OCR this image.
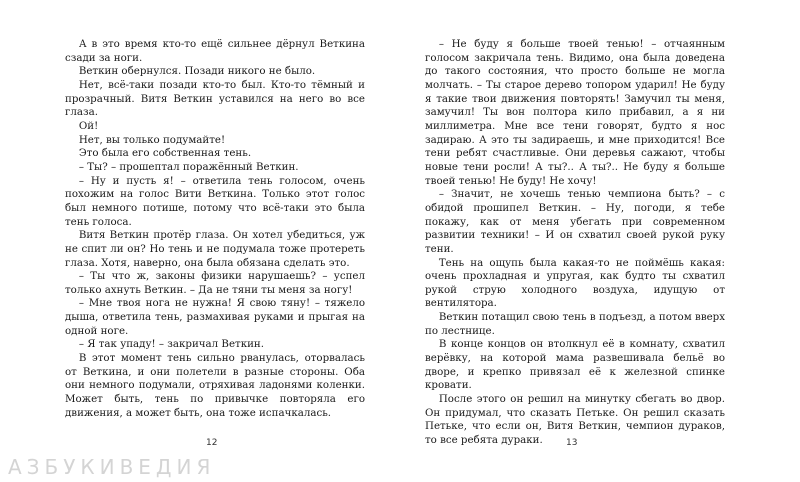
А в это время кто-то ещё сильнее дёрнул Веткина сзади за ноги.

Веткин обернулся. Позади никого не было.

Нет, всё-таки позади кто-то был. Кто-то тёмный и прозрачный. Витя Веткин уставился на него во все глаза.

Ой!

Нет, вы только подумайте!

Это была его собственная тень.

– Ты? – прошептал поражённый Веткин.

– Ну и пусть я! – ответила тень голосом, очень похожим на голос Вити Веткина. Только этот голос был немного потише, потому что всё-таки это была тень голоса.

Витя Веткин протёр глаза. Он хотел убедиться, уж не спит ли он? Но тень и не подумала тоже протереть глаза. Хотя, наверно, она была обязана сделать это.

– Ты что ж, законы физики нарушаешь? – успел только ахнуть Веткин. – Да не тяни ты меня за ногу!

– Мне твоя нога не нужна! Я свою тяну! – тяжело дыша, ответила тень, размахивая руками и прыгая на одной ноге.

– Я так упаду! – закричал Веткин.

В этот момент тень сильно рванулась, оторвалась от Веткина, и они полетели в разные стороны. Оба они немного подумали, отряхивая ладонями коленки. Может быть, тень по привычке повторяла его движения, а может быть, она тоже испачкалась.

– Не буду я больше твоей тенью! – отчаянным голосом закричала тень. Видимо, она была доведена до такого состояния, что просто больше не могла молчать. – Ты старое дерево топором ударил! Не буду я такие твои движения повторять! Замучил ты меня, замучил! Ты вон полтора кило прибавил, а я ни миллиметра. Мне все тени говорят, будто я нос задираю. А это ты задираешь, и мне приходится! Все тени ребят счастливые. Они деревья сажают, чтобы новые тени росли! А ты?.. А ты?.. Не буду я больше твоей тенью! Не буду! Не хочу!

– Значит, не хочешь тенью чемпиона быть? – с обидой прошипел Веткин. – Ну, погоди, я тебе покажу, как от меня убегать при современном развитии техники! – И он схватил своей рукой руку тени.

Тень на ощупь была какая-то не поймёшь какая: очень прохладная и упругая, как будто ты схватил рукой струю холодного воздуха, идущую от вентилятора.

Веткин потащил свою тень в подъезд, а потом вверх по лестнице.

В конце концов он втолкнул её в комнату, схватил верёвку, на которой мама развешивала бельё во дворе, и крепко привязал её к железной спинке кровати.

После этого он решил на минутку сбегать во двор. Он придумал, что сказать Петьке. Он решил сказать Петьке, что если он, Витя Веткин, чемпион дураков, то все ребята дураки.

12	13
АЗБУКИВЕДИЯ
